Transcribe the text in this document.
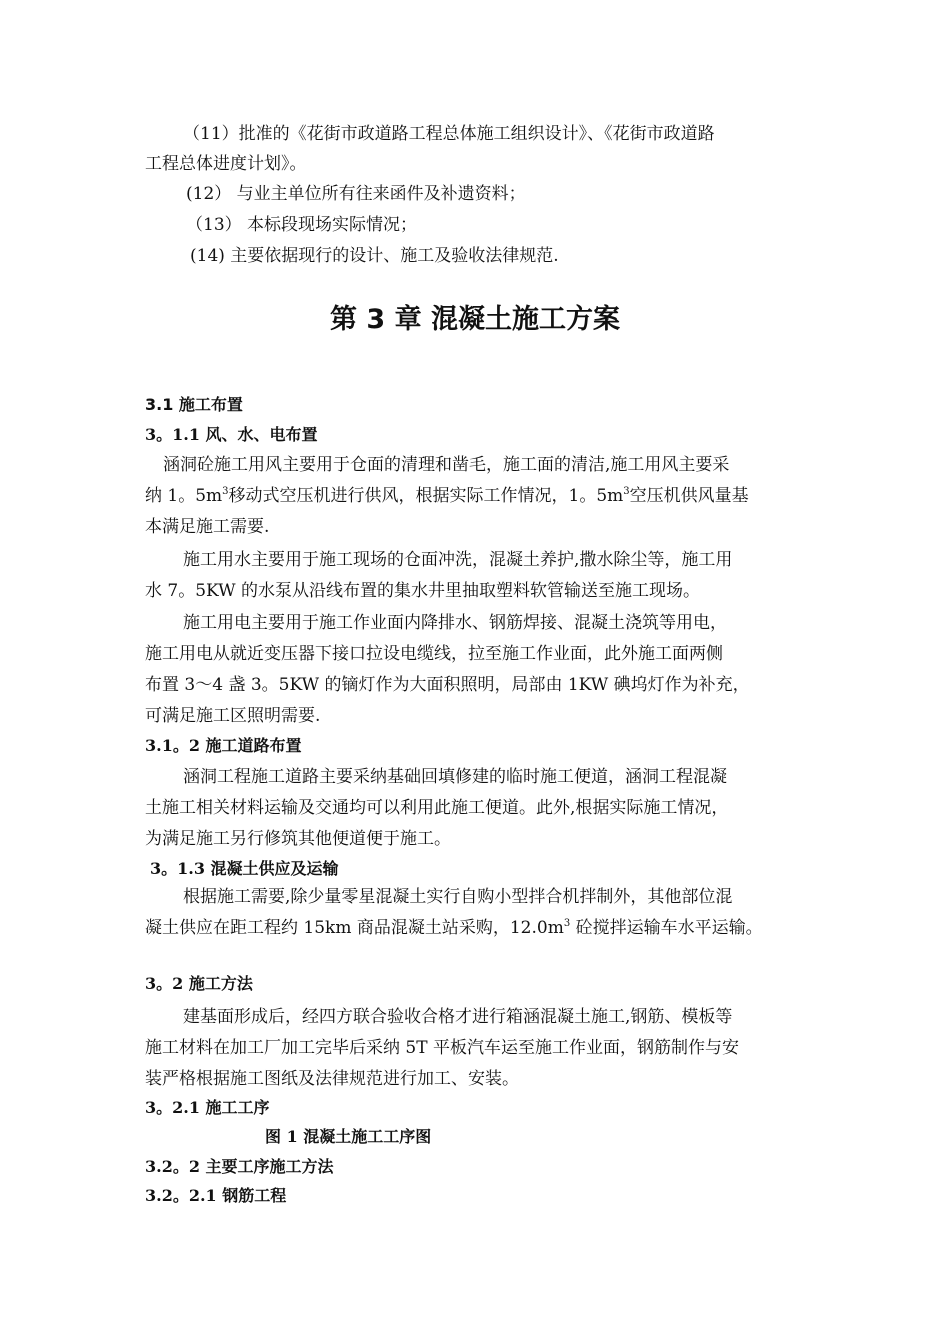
（11）批准的《花街市政道路工程总体施工组织设计》、《花街市政道路
工程总体进度计划》。
(12） 与业主单位所有往来函件及补遗资料；
（13） 本标段现场实际情况；
(14) 主要依据现行的设计、施工及验收法律规范.
第 3 章 混凝土施工方案
3.1 施工布置
3。1.1 风、水、电布置
涵洞砼施工用风主要用于仓面的清理和凿毛，施工面的清洁,施工用风主要采
纳 1。$5m^3$移动式空压机进行供风，根据实际工作情况，1。$5m^3$空压机供风量基
本满足施工需要.
施工用水主要用于施工现场的仓面冲洗，混凝土养护,撒水除尘等，施工用
水 7。5KW 的水泵从沿线布置的集水井里抽取塑料软管输送至施工现场。
施工用电主要用于施工作业面内降排水、钢筋焊接、混凝土浇筑等用电，
施工用电从就近变压器下接口拉设电缆线，拉至施工作业面，此外施工面两侧
布置 3～4 盏 3。5KW 的镝灯作为大面积照明，局部由 1KW 碘坞灯作为补充，
可满足施工区照明需要.
3.1。2 施工道路布置
涵洞工程施工道路主要采纳基础回填修建的临时施工便道，涵洞工程混凝
土施工相关材料运输及交通均可以利用此施工便道。此外,根据实际施工情况，
为满足施工另行修筑其他便道便于施工。
3。1.3 混凝土供应及运输
根据施工需要,除少量零星混凝土实行自购小型拌合机拌制外，其他部位混
凝土供应在距工程约 15km 商品混凝土站采购，$12.0m^3$ 砼搅拌运输车水平运输。
3。2 施工方法
建基面形成后，经四方联合验收合格才进行箱涵混凝土施工,钢筋、模板等
施工材料在加工厂加工完毕后采纳 5T 平板汽车运至施工作业面，钢筋制作与安
装严格根据施工图纸及法律规范进行加工、安装。
3。2.1 施工工序
图 1 混凝土施工工序图
3.2。2 主要工序施工方法
3.2。2.1 钢筋工程
